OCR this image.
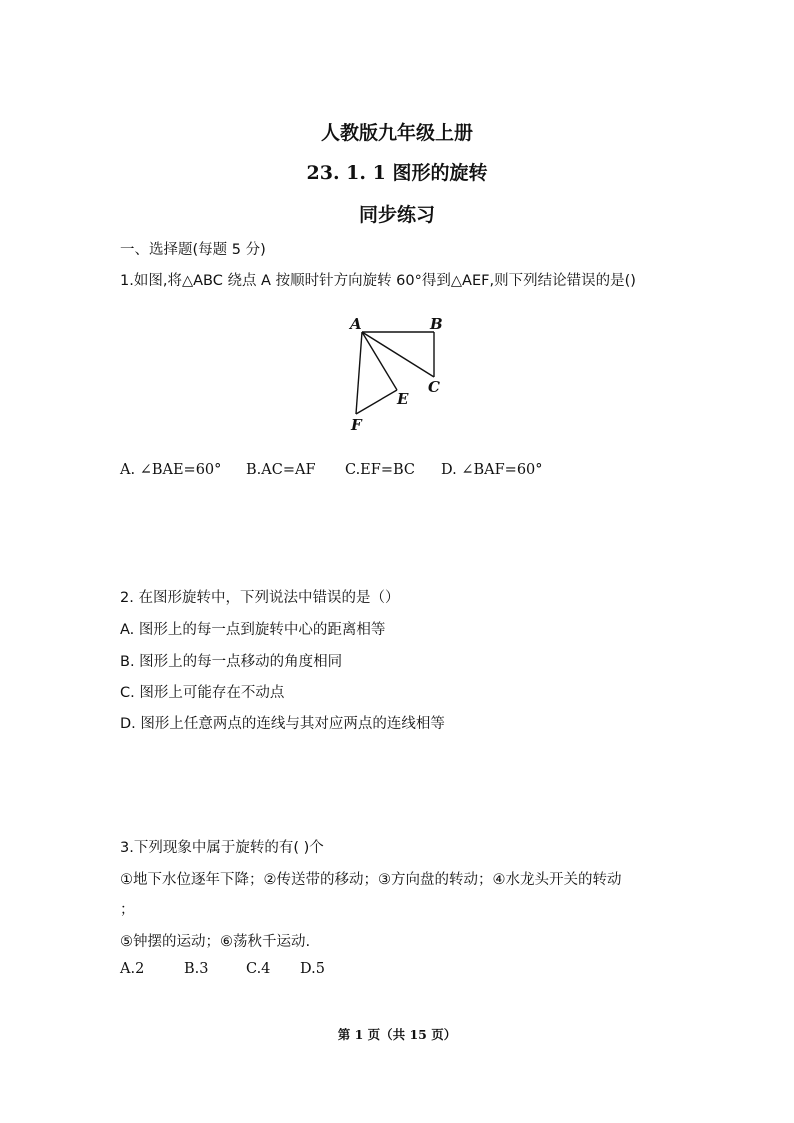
人教版九年级上册
23. 1. 1 图形的旋转
同步练习
一、选择题(每题 5 分)
1.如图,将△ABC 绕点 A 按顺时针方向旋转 60°得到△AEF,则下列结论错误的是()
A	B
C
E
F
A. ∠BAE=60° B.AC=AF C.EF=BC D. ∠BAF=60°
2. 在图形旋转中，下列说法中错误的是（）
A. 图形上的每一点到旋转中心的距离相等
B. 图形上的每一点移动的角度相同
C. 图形上可能存在不动点
D. 图形上任意两点的连线与其对应两点的连线相等
3.下列现象中属于旋转的有( )个
①地下水位逐年下降；②传送带的移动；③方向盘的转动；④水龙头开关的转动
；
⑤钟摆的运动；⑥荡秋千运动.
A.2	B.3	C.4 D.5
第 1 页（共 15 页）
